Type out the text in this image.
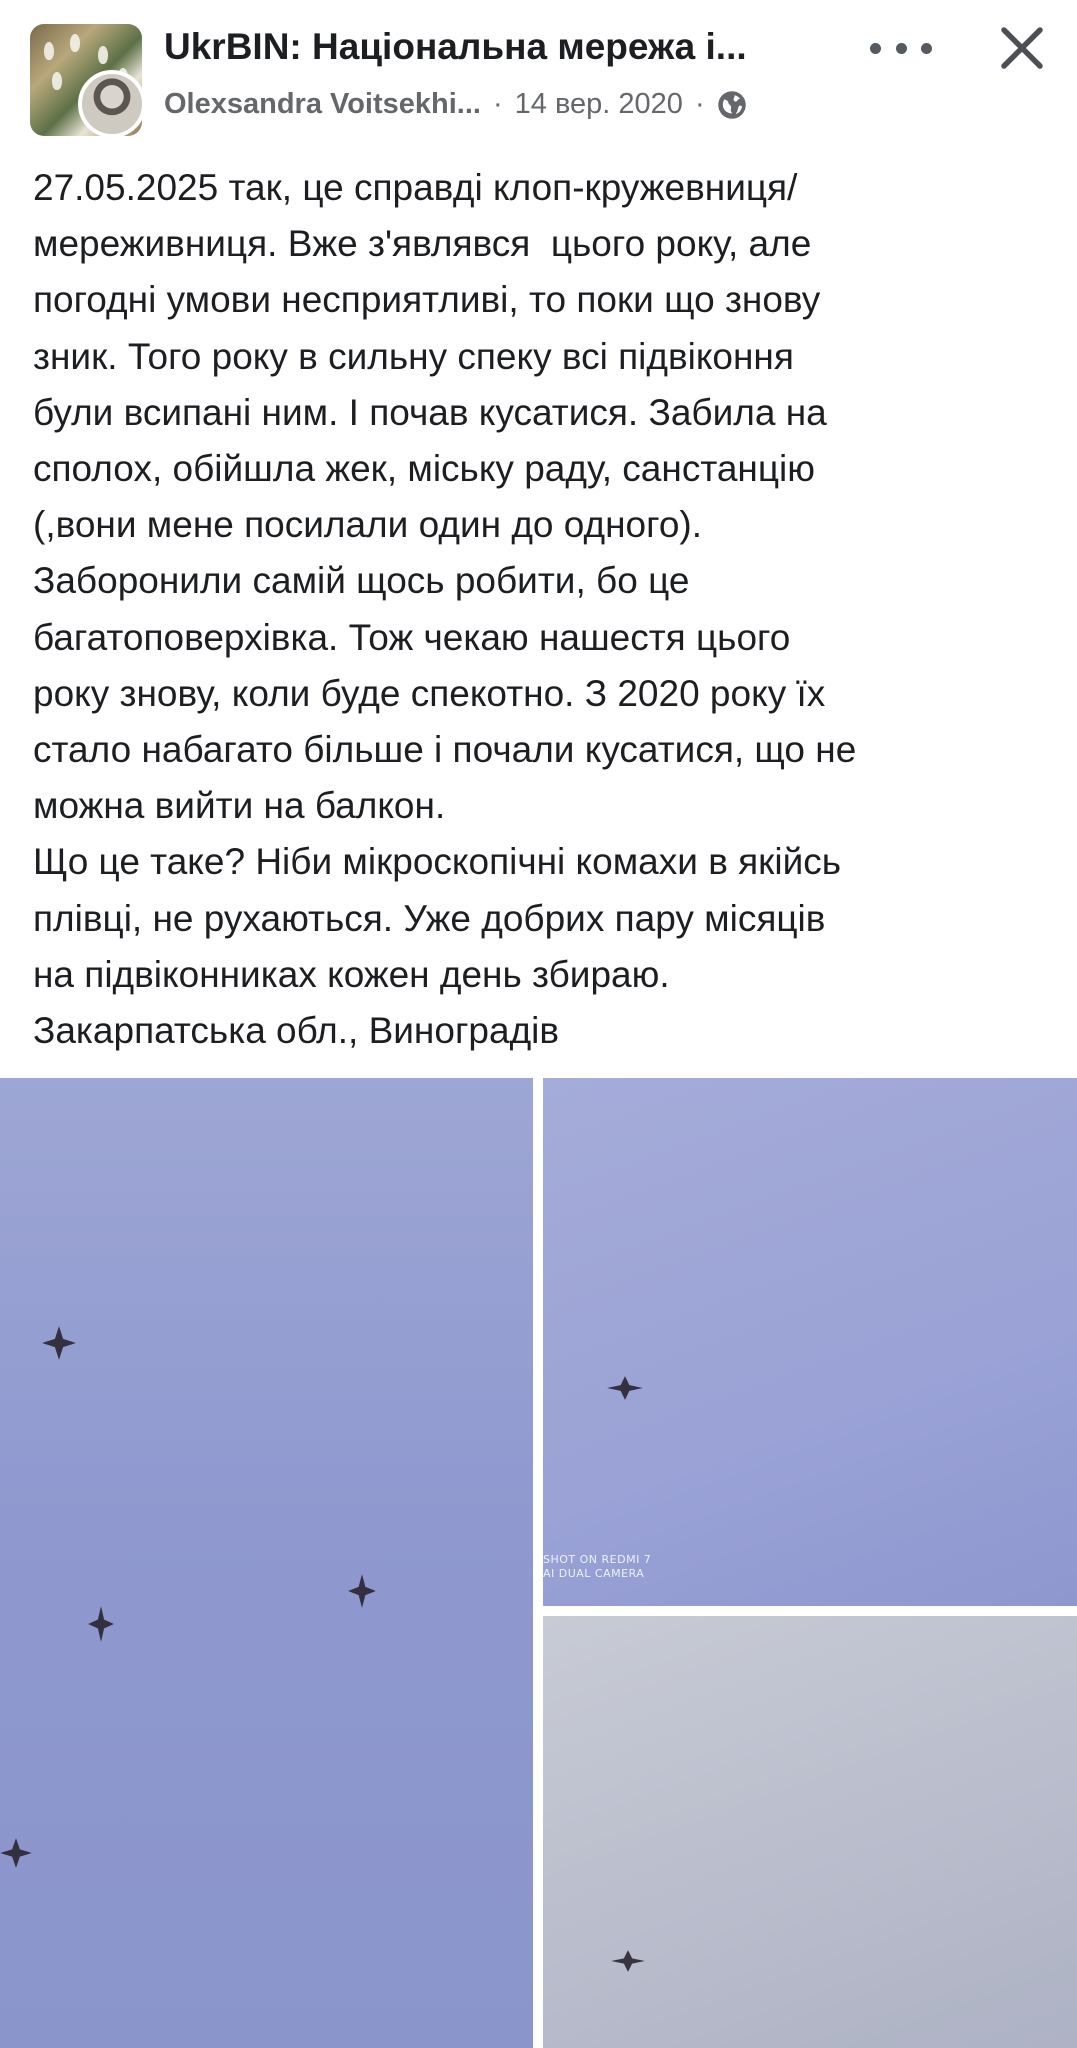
UkrBIN: Національна мережа і...
Olexsandra Voitsekhi... · 14 вер. 2020 ·
27.05.2025 так, це справді клоп-кружевниця/
мереживниця. Вже з'являвся  цього року, але
погодні умови несприятливі, то поки що знову
зник. Того року в сильну спеку всі підвіконня
були всипані ним. І почав кусатися. Забила на
сполох, обійшла жек, міську раду, санстанцію
(,вони мене посилали один до одного).
Заборонили самій щось робити, бо це
багатоповерхівка. Тож чекаю нашестя цього
року знову, коли буде спекотно. З 2020 року їх
стало набагато більше і почали кусатися, що не
можна вийти на балкон.
Що це таке? Ніби мікроскопічні комахи в якійсь
плівці, не рухаються. Уже добрих пару місяців
на підвіконниках кожен день збираю.
Закарпатська обл., Виноградів
SHOT ON REDMI 7
AI DUAL CAMERA
